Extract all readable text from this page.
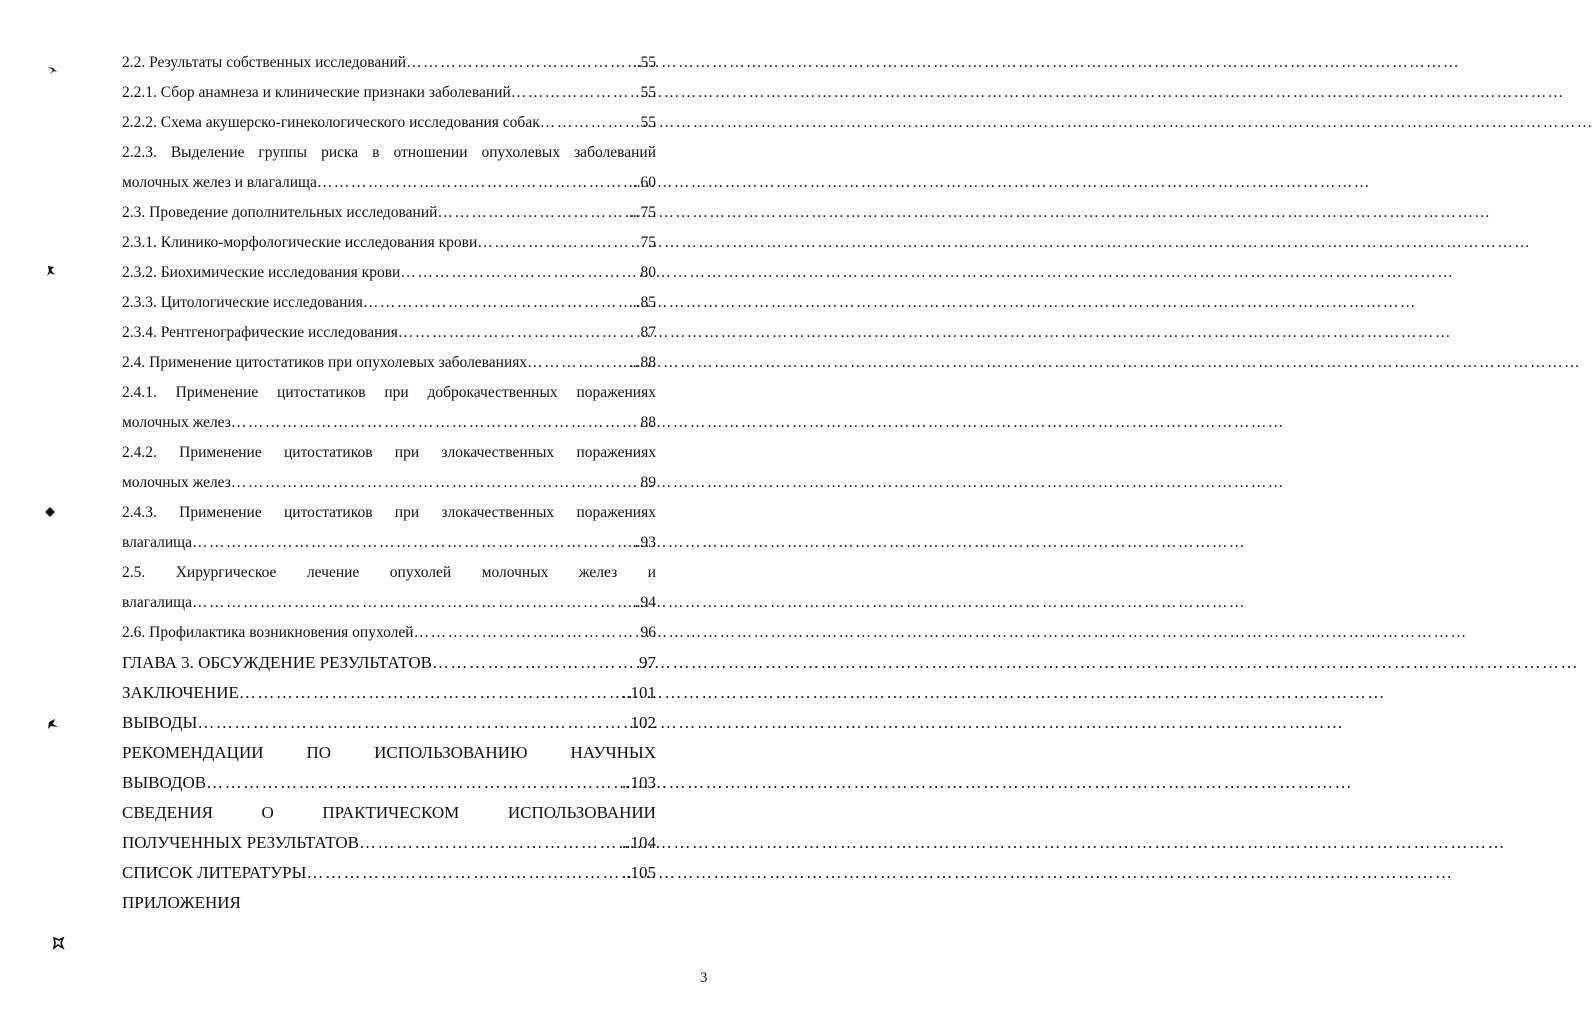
2.2. Результаты собственных исследований ……………………………………………………………………………………………………………………………………………………………………	..55
2.2.1. Сбор анамнеза и клинические признаки заболеваний ……………………………………………………………………………………………………………………………………………………………………	55
2.2.2. Схема акушерско-гинекологического исследования собак ……………………………………………………………………………………………………………………………………………………………………	55
2.2.3. Выделение группы риска в отношении опухолевых заболеваний
молочных желез и влагалища ……………………………………………………………………………………………………………………………………………………………………	..60
2.3. Проведение дополнительных исследований ……………………………………………………………………………………………………………………………………………………………………	...75
2.3.1. Клинико-морфологические исследования крови ……………………………………………………………………………………………………………………………………………………………………	75
2.3.2. Биохимические исследования крови ……………………………………………………………………………………………………………………………………………………………………	80
2.3.3. Цитологические исследования ……………………………………………………………………………………………………………………………………………………………………	..85
2.3.4. Рентгенографические исследования ……………………………………………………………………………………………………………………………………………………………………	87
2.4. Применение цитостатиков при опухолевых заболеваниях ……………………………………………………………………………………………………………………………………………………………………	...88
2.4.1. Применение цитостатиков при доброкачественных поражениях
молочных желез ……………………………………………………………………………………………………………………………………………………………………	88
2.4.2. Применение цитостатиков при злокачественных поражениях
молочных желез ……………………………………………………………………………………………………………………………………………………………………	89
2.4.3. Применение цитостатиков при злокачественных поражениях
влагалища ……………………………………………………………………………………………………………………………………………………………………	..93
2.5. Хирургическое лечение опухолей молочных желез и
влагалища ……………………………………………………………………………………………………………………………………………………………………	..94
2.6. Профилактика возникновения опухолей ……………………………………………………………………………………………………………………………………………………………………	96
ГЛАВА 3. ОБСУЖДЕНИЕ РЕЗУЛЬТАТОВ ……………………………………………………………………………………………………………………………………………………………………	97
ЗАКЛЮЧЕНИЕ ……………………………………………………………………………………………………………………………………………………………………	..101
ВЫВОДЫ ……………………………………………………………………………………………………………………………………………………………………	102
РЕКОМЕНДАЦИИ	ПО	ИСПОЛЬЗОВАНИЮ	НАУЧНЫХ
ВЫВОДОВ ……………………………………………………………………………………………………………………………………………………………………	..103
СВЕДЕНИЯ	О	ПРАКТИЧЕСКОМ	ИСПОЛЬЗОВАНИИ
ПОЛУЧЕННЫХ РЕЗУЛЬТАТОВ ……………………………………………………………………………………………………………………………………………………………………	..104
СПИСОК ЛИТЕРАТУРЫ ……………………………………………………………………………………………………………………………………………………………………	..105
ПРИЛОЖЕНИЯ
3
